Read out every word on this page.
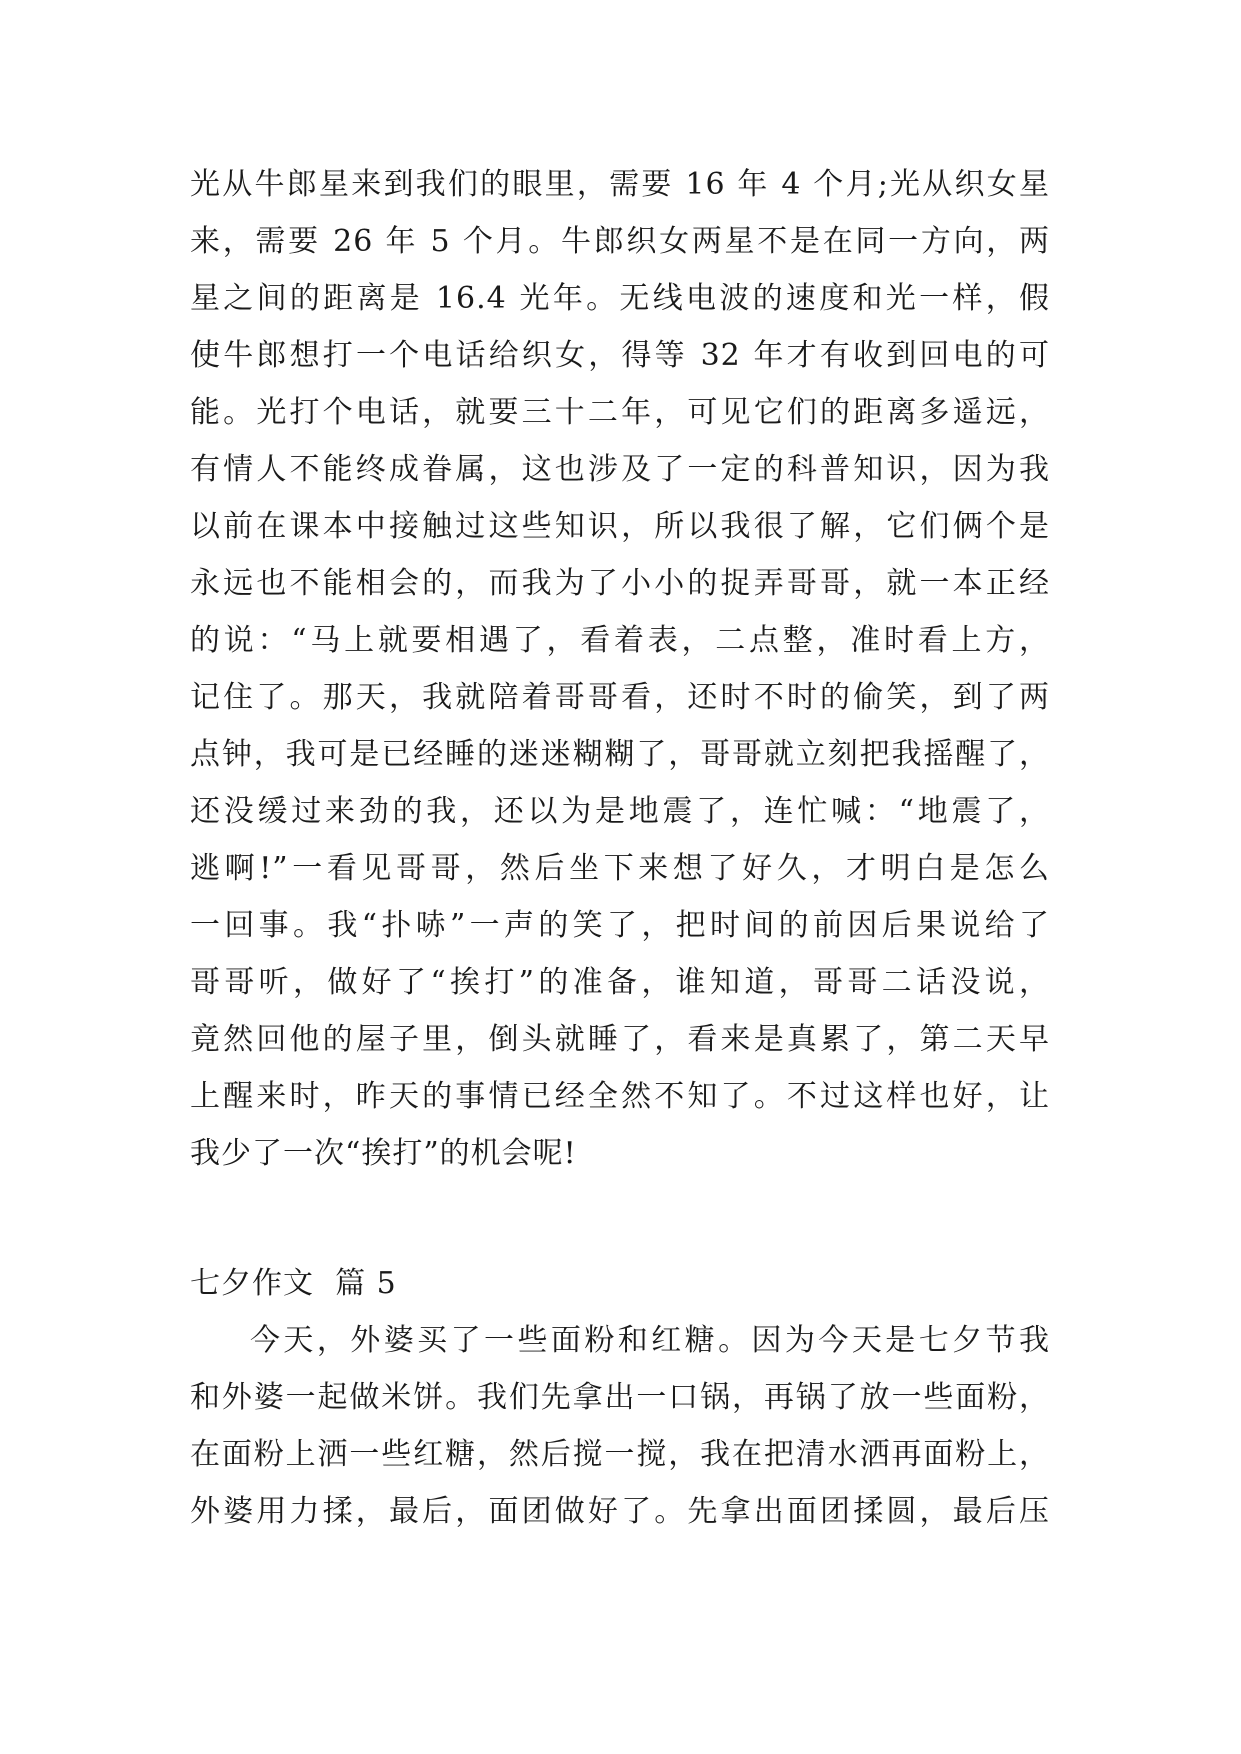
光从牛郎星来到我们的眼里，需要 16 年 4 个月;光从织女星
来，需要 26 年 5 个月。牛郎织女两星不是在同一方向，两
星之间的距离是 16.4 光年。无线电波的速度和光一样，假
使牛郎想打一个电话给织女，得等 32 年才有收到回电的可
能。光打个电话，就要三十二年，可见它们的距离多遥远，
有情人不能终成眷属，这也涉及了一定的科普知识，因为我
以前在课本中接触过这些知识，所以我很了解，它们俩个是
永远也不能相会的，而我为了小小的捉弄哥哥，就一本正经
的说：“马上就要相遇了，看着表，二点整，准时看上方，
记住了。那天，我就陪着哥哥看，还时不时的偷笑，到了两
点钟，我可是已经睡的迷迷糊糊了，哥哥就立刻把我摇醒了，
还没缓过来劲的我，还以为是地震了，连忙喊：“地震了，
逃啊!”一看见哥哥，然后坐下来想了好久，才明白是怎么
一回事。我“扑哧”一声的笑了，把时间的前因后果说给了
哥哥听，做好了“挨打”的准备，谁知道，哥哥二话没说，
竟然回他的屋子里，倒头就睡了，看来是真累了，第二天早
上醒来时，昨天的事情已经全然不知了。不过这样也好，让
我少了一次“挨打”的机会呢!
七夕作文  篇 5
今天，外婆买了一些面粉和红糖。因为今天是七夕节我
和外婆一起做米饼。我们先拿出一口锅，再锅了放一些面粉，
在面粉上洒一些红糖，然后搅一搅，我在把清水洒再面粉上，
外婆用力揉，最后，面团做好了。先拿出面团揉圆，最后压
